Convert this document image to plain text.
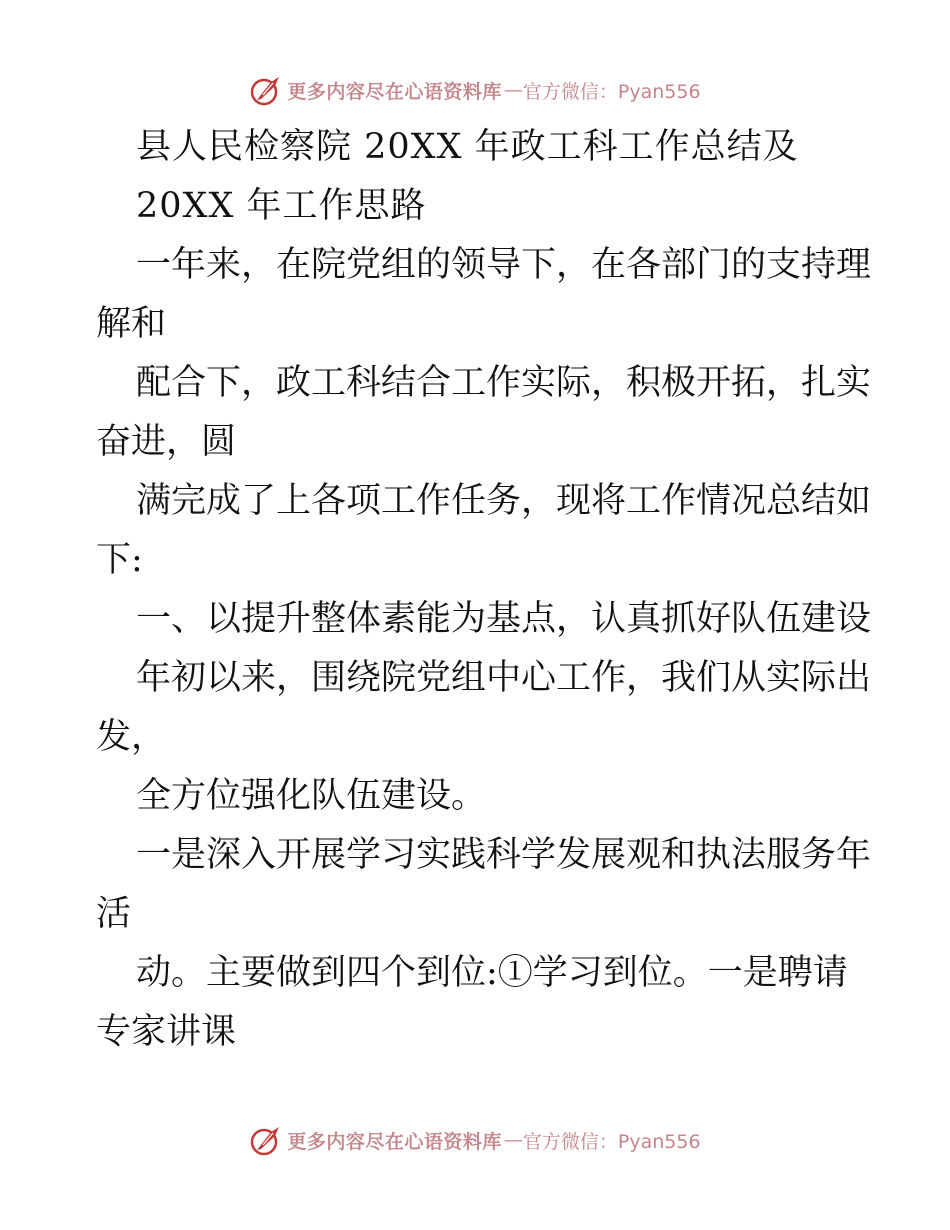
更多内容尽在心语资料库 — 官方微信：Pyan556
县人民检察院 20XX 年政工科工作总结及
20XX 年工作思路
一年来，在院党组的领导下，在各部门的支持理
解和
配合下，政工科结合工作实际，积极开拓，扎实
奋进，圆
满完成了上各项工作任务，现将工作情况总结如
下:
一、以提升整体素能为基点，认真抓好队伍建设
年初以来，围绕院党组中心工作，我们从实际出
发，
全方位强化队伍建设。
一是深入开展学习实践科学发展观和执法服务年
活
动。主要做到四个到位:①学习到位。一是聘请
专家讲课
更多内容尽在心语资料库 — 官方微信：Pyan556
